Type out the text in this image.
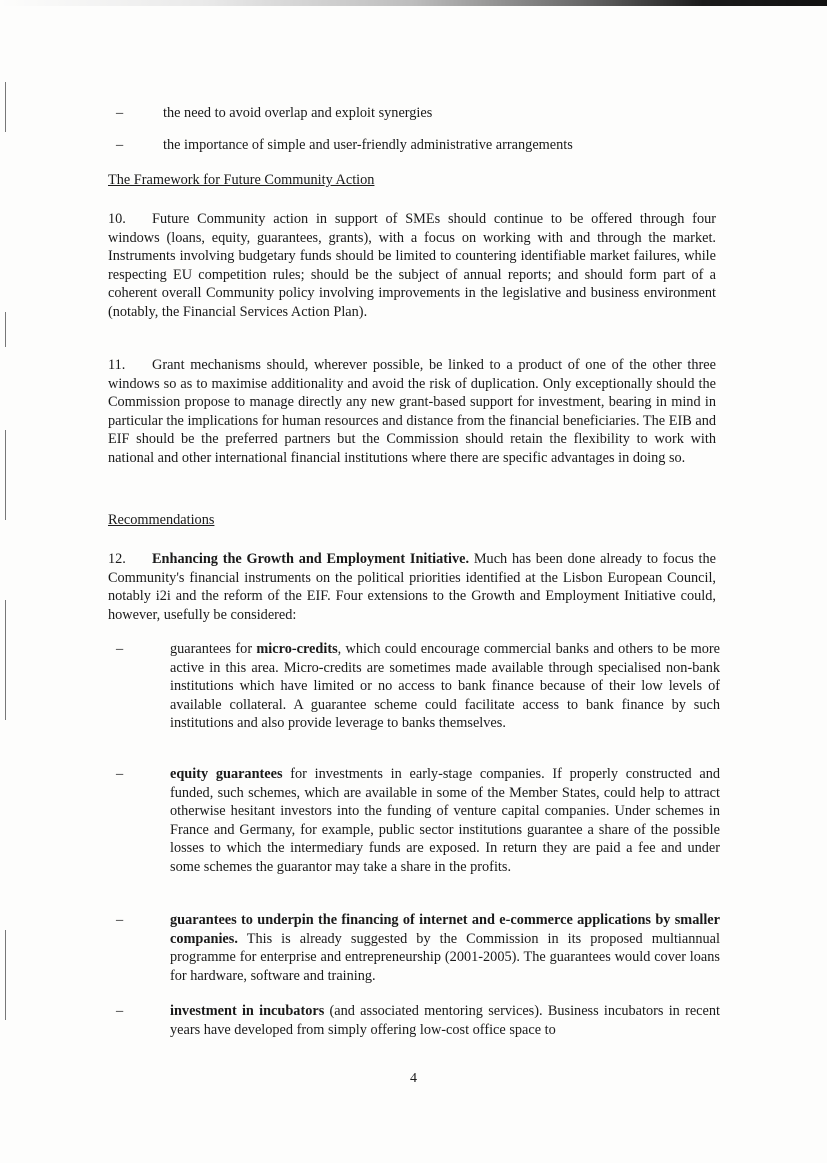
–	the need to avoid overlap and exploit synergies

–	the importance of simple and user-friendly administrative arrangements

The Framework for Future Community Action

10. Future Community action in support of SMEs should continue to be offered through four windows (loans, equity, guarantees, grants), with a focus on working with and through the market. Instruments involving budgetary funds should be limited to countering identifiable market failures, while respecting EU competition rules; should be the subject of annual reports; and should form part of a coherent overall Community policy involving improvements in the legislative and business environment (notably, the Financial Services Action Plan).

11. Grant mechanisms should, wherever possible, be linked to a product of one of the other three windows so as to maximise additionality and avoid the risk of duplication. Only exceptionally should the Commission propose to manage directly any new grant-based support for investment, bearing in mind in particular the implications for human resources and distance from the financial beneficiaries. The EIB and EIF should be the preferred partners but the Commission should retain the flexibility to work with national and other international financial institutions where there are specific advantages in doing so.

Recommendations

12. Enhancing the Growth and Employment Initiative. Much has been done already to focus the Community's financial instruments on the political priorities identified at the Lisbon European Council, notably i2i and the reform of the EIF. Four extensions to the Growth and Employment Initiative could, however, usefully be considered:

–	guarantees for micro-credits, which could encourage commercial banks and others to be more active in this area. Micro-credits are sometimes made available through specialised non-bank institutions which have limited or no access to bank finance because of their low levels of available collateral. A guarantee scheme could facilitate access to bank finance by such institutions and also provide leverage to banks themselves.

–	equity guarantees for investments in early-stage companies. If properly constructed and funded, such schemes, which are available in some of the Member States, could help to attract otherwise hesitant investors into the funding of venture capital companies. Under schemes in France and Germany, for example, public sector institutions guarantee a share of the possible losses to which the intermediary funds are exposed. In return they are paid a fee and under some schemes the guarantor may take a share in the profits.

–	guarantees to underpin the financing of internet and e-commerce applications by smaller companies. This is already suggested by the Commission in its proposed multiannual programme for enterprise and entrepreneurship (2001-2005). The guarantees would cover loans for hardware, software and training.

–	investment in incubators (and associated mentoring services). Business incubators in recent years have developed from simply offering low-cost office space to

4
